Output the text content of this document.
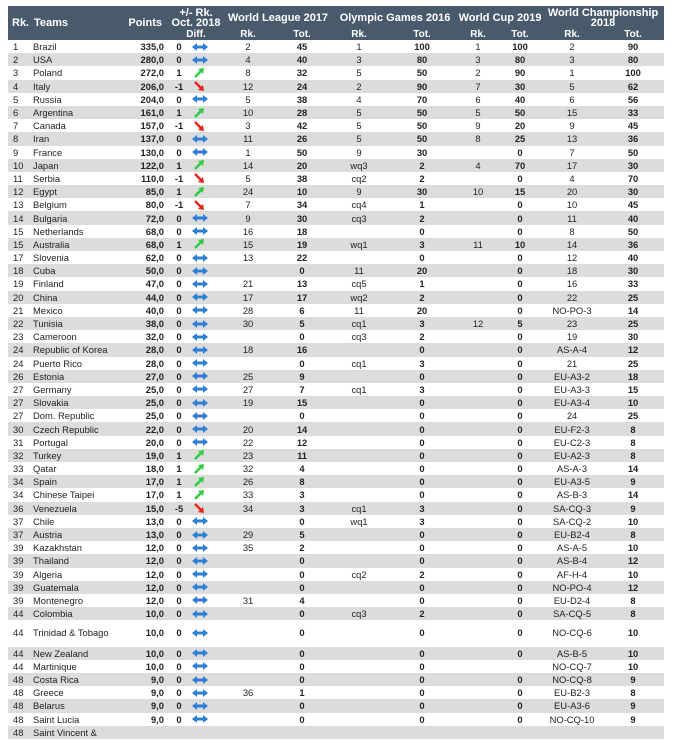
Rk.	Teams	Points	+/- Rk. Oct. 2018			World League 2017		Olympic Games 2016		World Cup 2019		World Championship 2018	
			Diff.			Rk.	Tot.	Rk.	Tot.	Rk.	Tot.	Rk.	Tot.
1	Brazil	335,0	0			2	45	1	100	1	100	2	90
2	USA	280,0	0			4	40	3	80	3	80	3	80
3	Poland	272,0	1			8	32	5	50	2	90	1	100
4	Italy	206,0	-1			12	24	2	90	7	30	5	62
5	Russia	204,0	0			5	38	4	70	6	40	6	56
6	Argentina	161,0	1			10	28	5	50	5	50	15	33
7	Canada	157,0	-1			3	42	5	50	9	20	9	45
8	Iran	137,0	0			11	26	5	50	8	25	13	36
9	France	130,0	0			1	50	9	30		0	7	50
10	Japan	122,0	1			14	20	wq3	2	4	70	17	30
11	Serbia	110,0	-1			5	38	cq2	2		0	4	70
12	Egypt	85,0	1			24	10	9	30	10	15	20	30
13	Belgium	80,0	-1			7	34	cq4	1		0	10	45
14	Bulgaria	72,0	0			9	30	cq3	2		0	11	40
15	Netherlands	68,0	0			16	18		0		0	8	50
15	Australia	68,0	1			15	19	wq1	3	11	10	14	36
17	Slovenia	62,0	0			13	22		0		0	12	40
18	Cuba	50,0	0				0	11	20		0	18	30
19	Finland	47,0	0			21	13	cq5	1		0	16	33
20	China	44,0	0			17	17	wq2	2		0	22	25
21	Mexico	40,0	0			28	6	11	20		0	NO-PO-3	14
22	Tunisia	38,0	0			30	5	cq1	3	12	5	23	25
23	Cameroon	32,0	0				0	cq3	2		0	19	30
24	Republic of Korea	28,0	0			18	16		0		0	AS-A-4	12
24	Puerto Rico	28,0	0				0	cq1	3		0	21	25
26	Estonia	27,0	0			25	9		0		0	EU-A3-2	18
27	Germany	25,0	0			27	7	cq1	3		0	EU-A3-3	15
27	Slovakia	25,0	0			19	15		0		0	EU-A3-4	10
27	Dom. Republic	25,0	0				0		0		0	24	25
30	Czech Republic	22,0	0			20	14		0		0	EU-F2-3	8
31	Portugal	20,0	0			22	12		0		0	EU-C2-3	8
32	Turkey	19,0	1			23	11		0		0	EU-A2-3	8
33	Qatar	18,0	1			32	4		0		0	AS-A-3	14
34	Spain	17,0	1			26	8		0		0	EU-A3-5	9
34	Chinese Taipei	17,0	1			33	3		0		0	AS-B-3	14
36	Venezuela	15,0	-5			34	3	cq1	3		0	SA-CQ-3	9
37	Chile	13,0	0				0	wq1	3		0	SA-CQ-2	10
37	Austria	13,0	0			29	5		0		0	EU-B2-4	8
39	Kazakhstan	12,0	0			35	2		0		0	AS-A-5	10
39	Thailand	12,0	0				0		0		0	AS-B-4	12
39	Algeria	12,0	0				0	cq2	2		0	AF-H-4	10
39	Guatemala	12,0	0				0		0		0	NO-PO-4	12
39	Montenegro	12,0	0			31	4		0		0	EU-D2-4	8
44	Colombia	10,0	0				0	cq3	2		0	SA-CQ-5	8
44	Trinidad & Tobago	10,0	0				0		0		0	NO-CQ-6	10
44	New Zealand	10,0	0				0		0		0	AS-B-5	10
44	Martinique	10,0	0				0		0			NO-CQ-7	10
48	Costa Rica	9,0	0				0		0		0	NO-CQ-8	9
48	Greece	9,0	0			36	1		0		0	EU-B2-3	8
48	Belarus	9,0	0				0		0		0	EU-A3-6	9
48	Saint Lucia	9,0	0				0		0		0	NO-CQ-10	9
48	Saint Vincent &												
